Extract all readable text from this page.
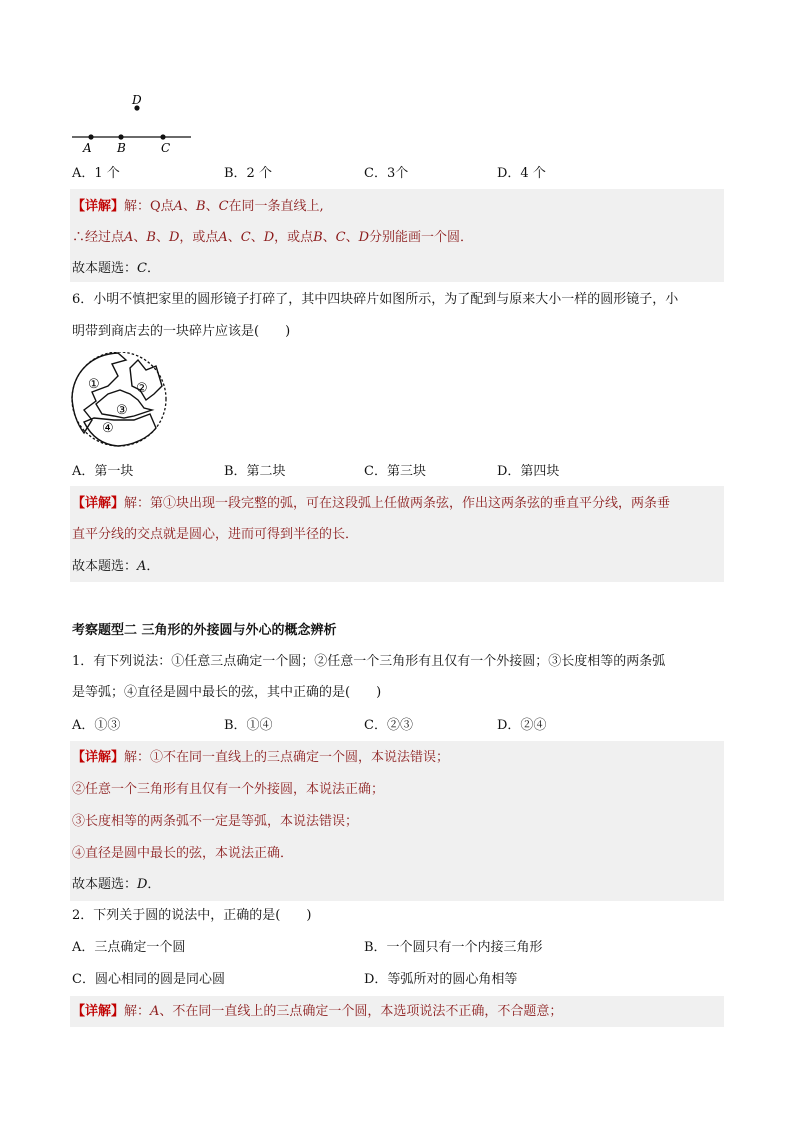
D
A B	C
A．1 个	B．2 个	C．3个	D．4 个
【详解】解：Q点𝐴、𝐵、𝐶在同一条直线上,
∴经过点𝐴、𝐵、𝐷，或点𝐴、𝐶、𝐷，或点𝐵、𝐶、𝐷分别能画一个圆．
故本题选：𝐶．
6．小明不慎把家里的圆形镜子打碎了，其中四块碎片如图所示，为了配到与原来大小一样的圆形镜子，小
明带到商店去的一块碎片应该是(　　)
①	②
③
④
A．第一块	B．第二块	C．第三块	D．第四块
【详解】解：第①块出现一段完整的弧，可在这段弧上任做两条弦，作出这两条弦的垂直平分线，两条垂
直平分线的交点就是圆心，进而可得到半径的长．
故本题选：𝐴．
考察题型二 三角形的外接圆与外心的概念辨析
1．有下列说法：①任意三点确定一个圆；②任意一个三角形有且仅有一个外接圆；③长度相等的两条弧
是等弧；④直径是圆中最长的弦，其中正确的是(　　)
A．①③	B．①④	C．②③	D．②④
【详解】解：①不在同一直线上的三点确定一个圆，本说法错误；
②任意一个三角形有且仅有一个外接圆，本说法正确；
③长度相等的两条弧不一定是等弧，本说法错误；
④直径是圆中最长的弦，本说法正确．
故本题选：𝐷．
2．下列关于圆的说法中，正确的是(　　)
A．三点确定一个圆	B．一个圆只有一个内接三角形
C．圆心相同的圆是同心圆	D．等弧所对的圆心角相等
【详解】解：𝐴、不在同一直线上的三点确定一个圆，本选项说法不正确，不合题意；
